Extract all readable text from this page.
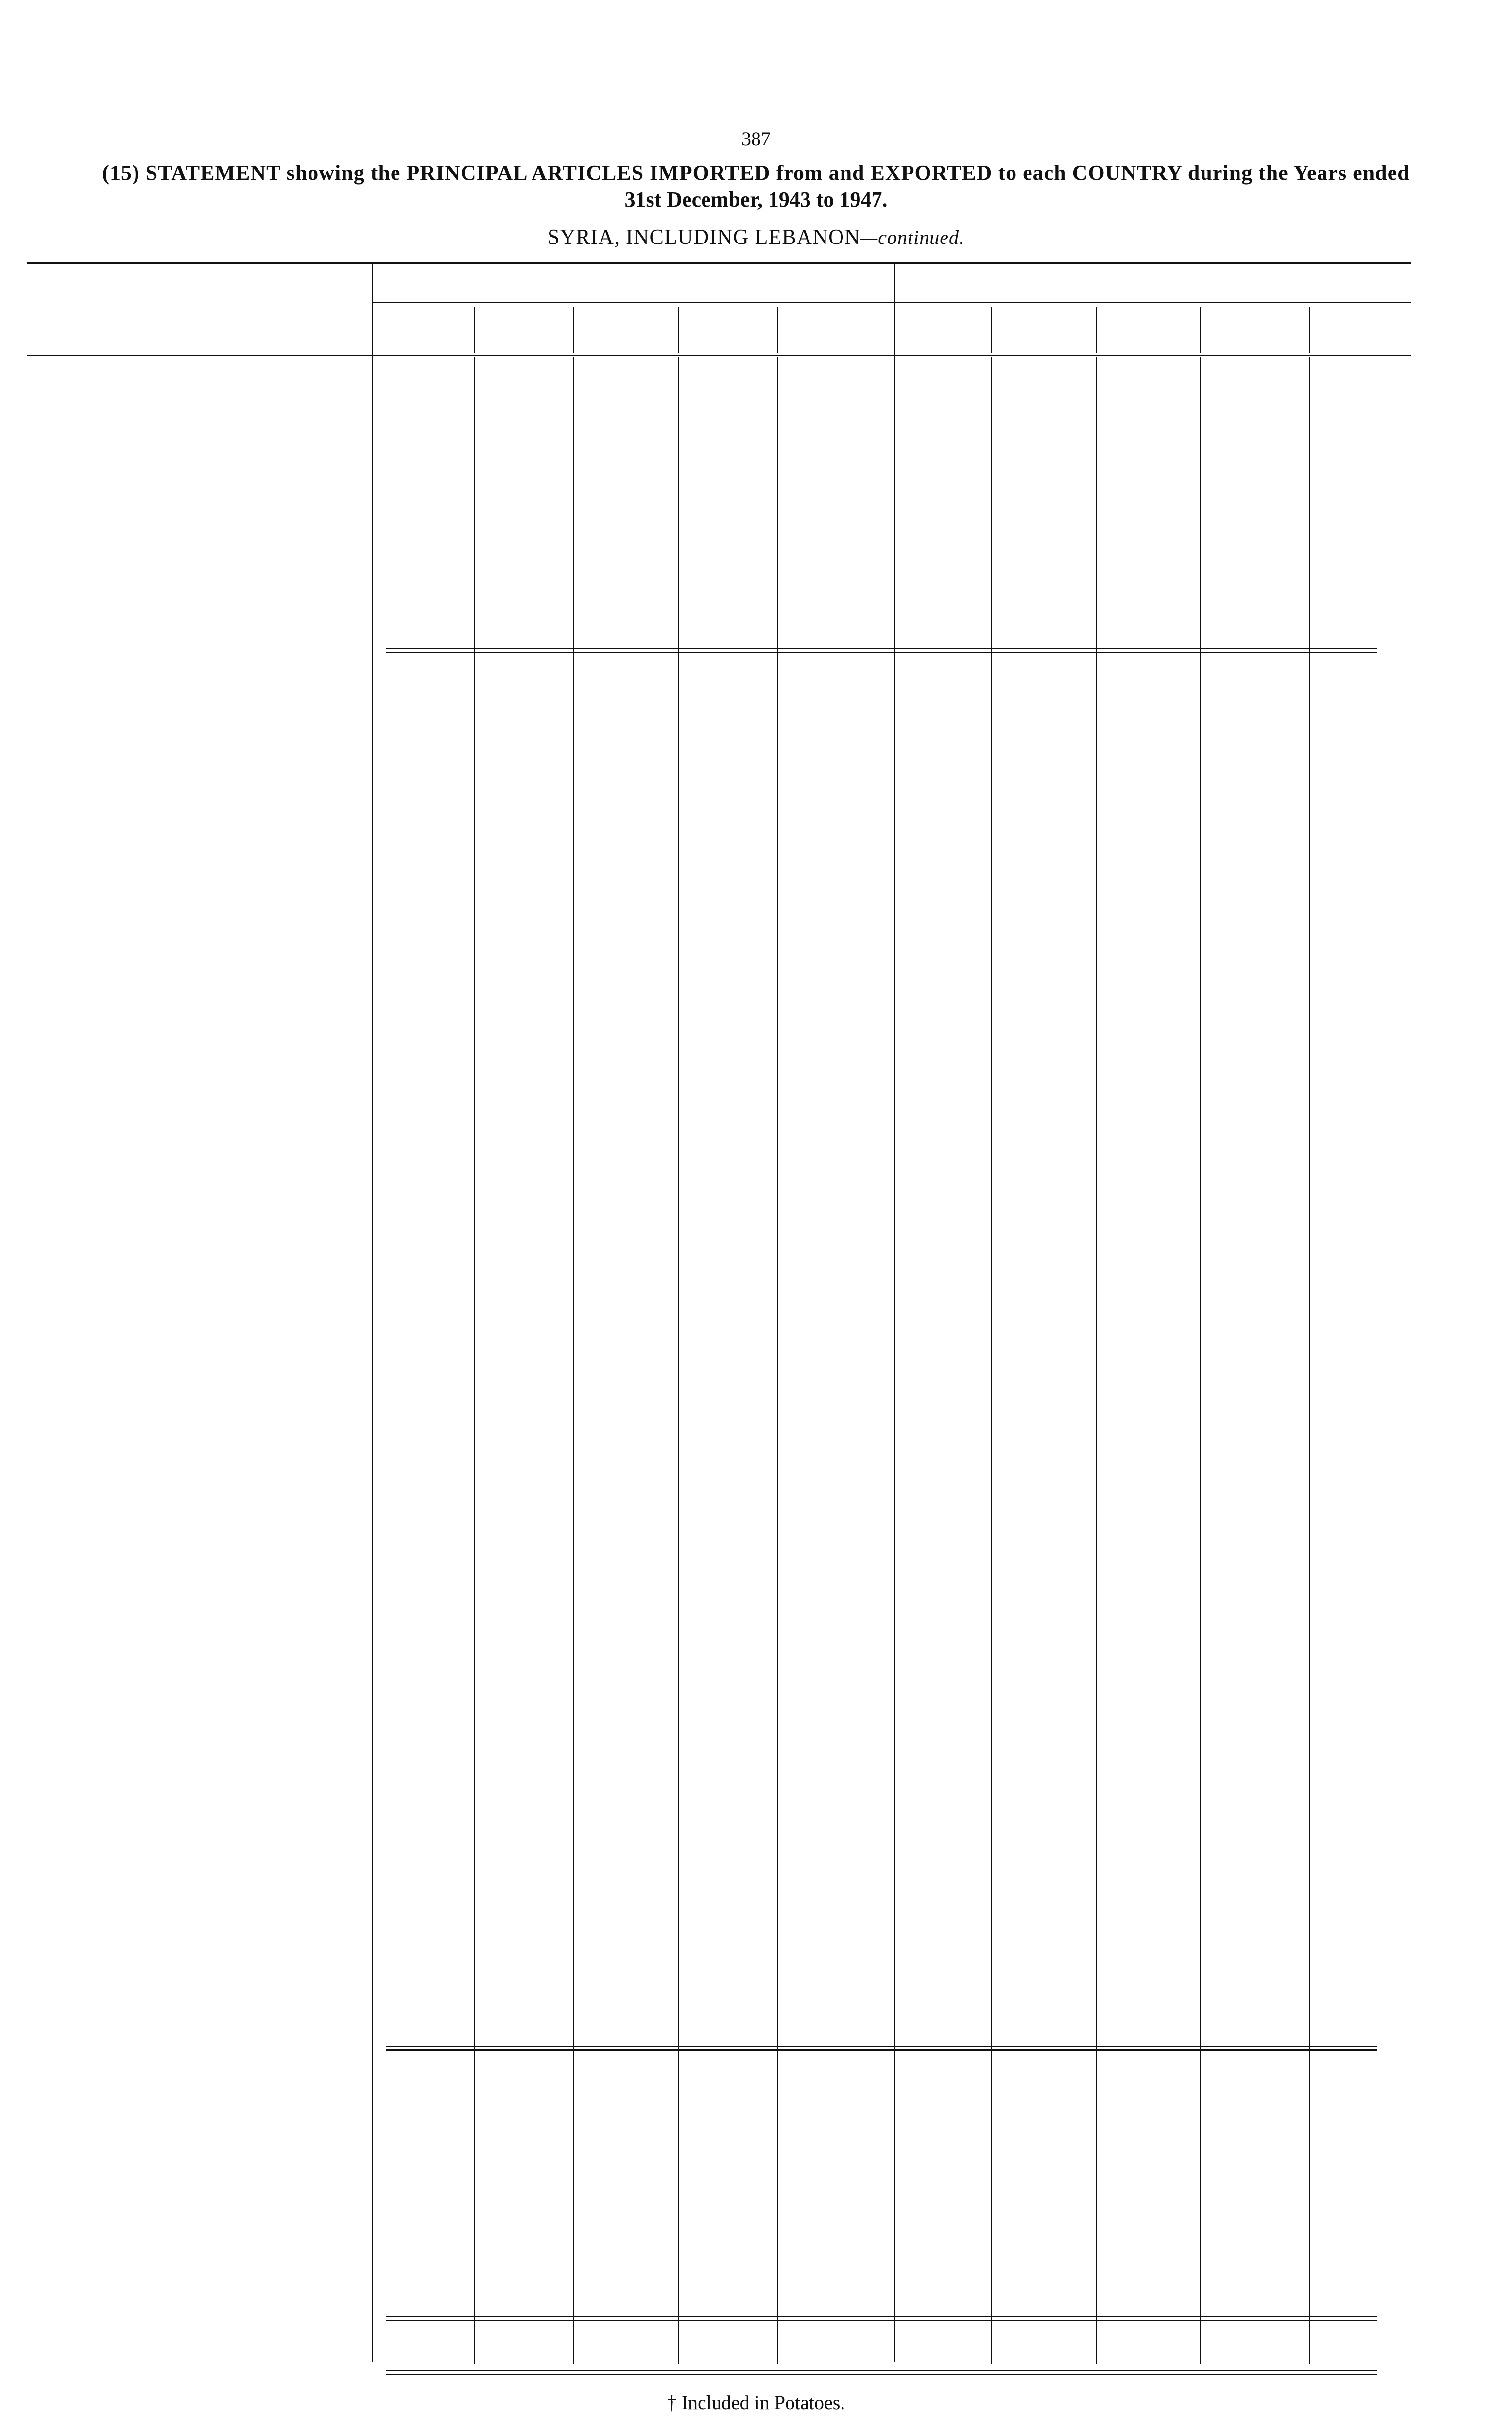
387
(15) STATEMENT showing the PRINCIPAL ARTICLES IMPORTED from and EXPORTED to each COUNTRY during the Years ended
31st December, 1943 to 1947.
SYRIA, INCLUDING LEBANON—continued.
† Included in Potatoes.
